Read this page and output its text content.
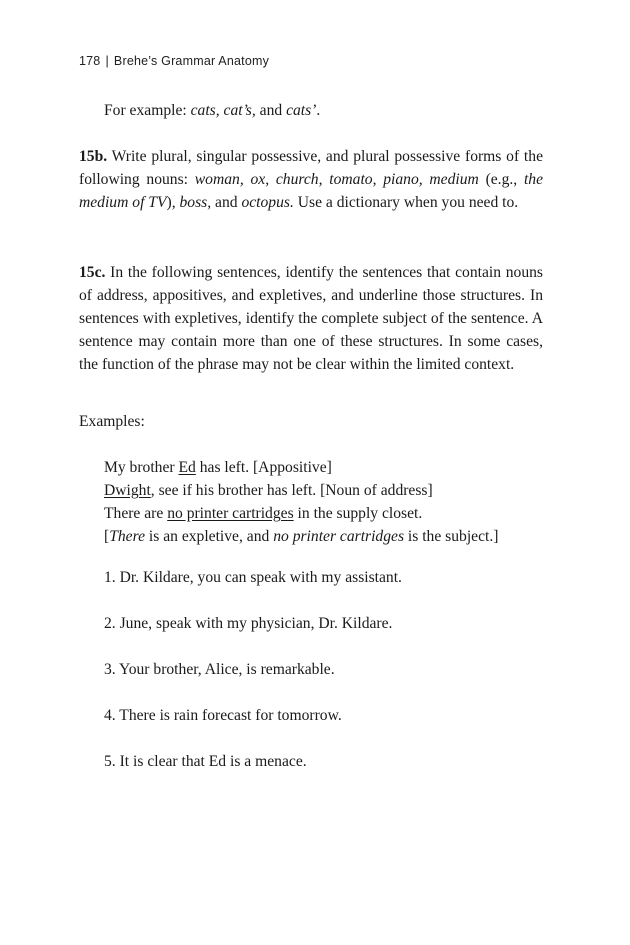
178 | Brehe’s Grammar Anatomy
For example: cats, cat’s, and cats’.
15b. Write plural, singular possessive, and plural possessive forms of the following nouns: woman, ox, church, tomato, piano, medium (e.g., the medium of TV), boss, and octopus. Use a dictionary when you need to.
15c. In the following sentences, identify the sentences that contain nouns of address, appositives, and expletives, and underline those structures. In sentences with expletives, identify the complete subject of the sentence. A sentence may contain more than one of these structures. In some cases, the function of the phrase may not be clear within the limited context.
Examples:
My brother Ed has left. [Appositive]
Dwight, see if his brother has left. [Noun of address]
There are no printer cartridges in the supply closet.
[There is an expletive, and no printer cartridges is the subject.]
1. Dr. Kildare, you can speak with my assistant.
2. June, speak with my physician, Dr. Kildare.
3. Your brother, Alice, is remarkable.
4. There is rain forecast for tomorrow.
5. It is clear that Ed is a menace.
